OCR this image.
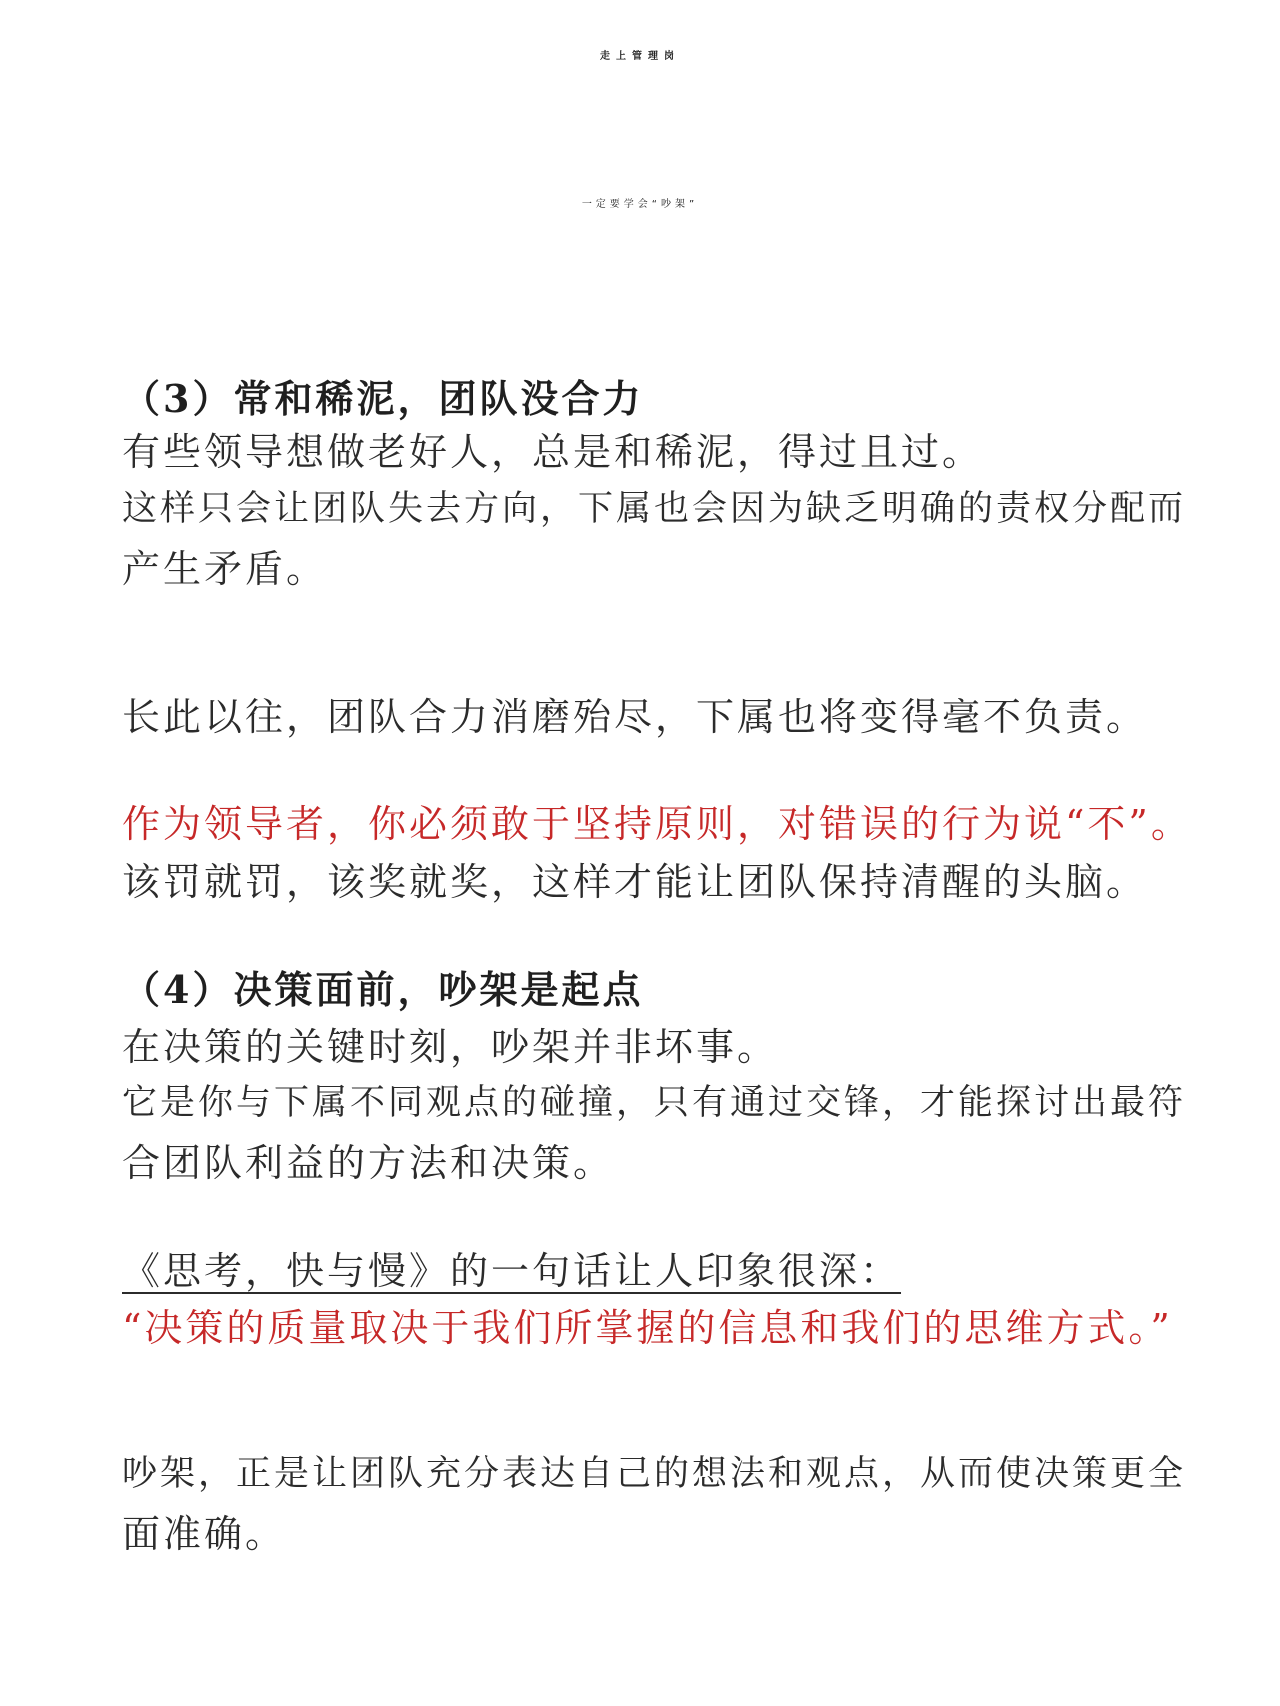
走上管理岗
一定要学会“吵架”
（3）常和稀泥，团队没合力
有些领导想做老好人，总是和稀泥，得过且过。
这样只会让团队失去方向，下属也会因为缺乏明确的责权分配而
产生矛盾。
长此以往，团队合力消磨殆尽，下属也将变得毫不负责。
作为领导者，你必须敢于坚持原则，对错误的行为说“不”。
该罚就罚，该奖就奖，这样才能让团队保持清醒的头脑。
（4）决策面前，吵架是起点
在决策的关键时刻，吵架并非坏事。
它是你与下属不同观点的碰撞，只有通过交锋，才能探讨出最符
合团队利益的方法和决策。
《思考，快与慢》的一句话让人印象很深：
“决策的质量取决于我们所掌握的信息和我们的思维方式。”
吵架，正是让团队充分表达自己的想法和观点，从而使决策更全
面准确。
